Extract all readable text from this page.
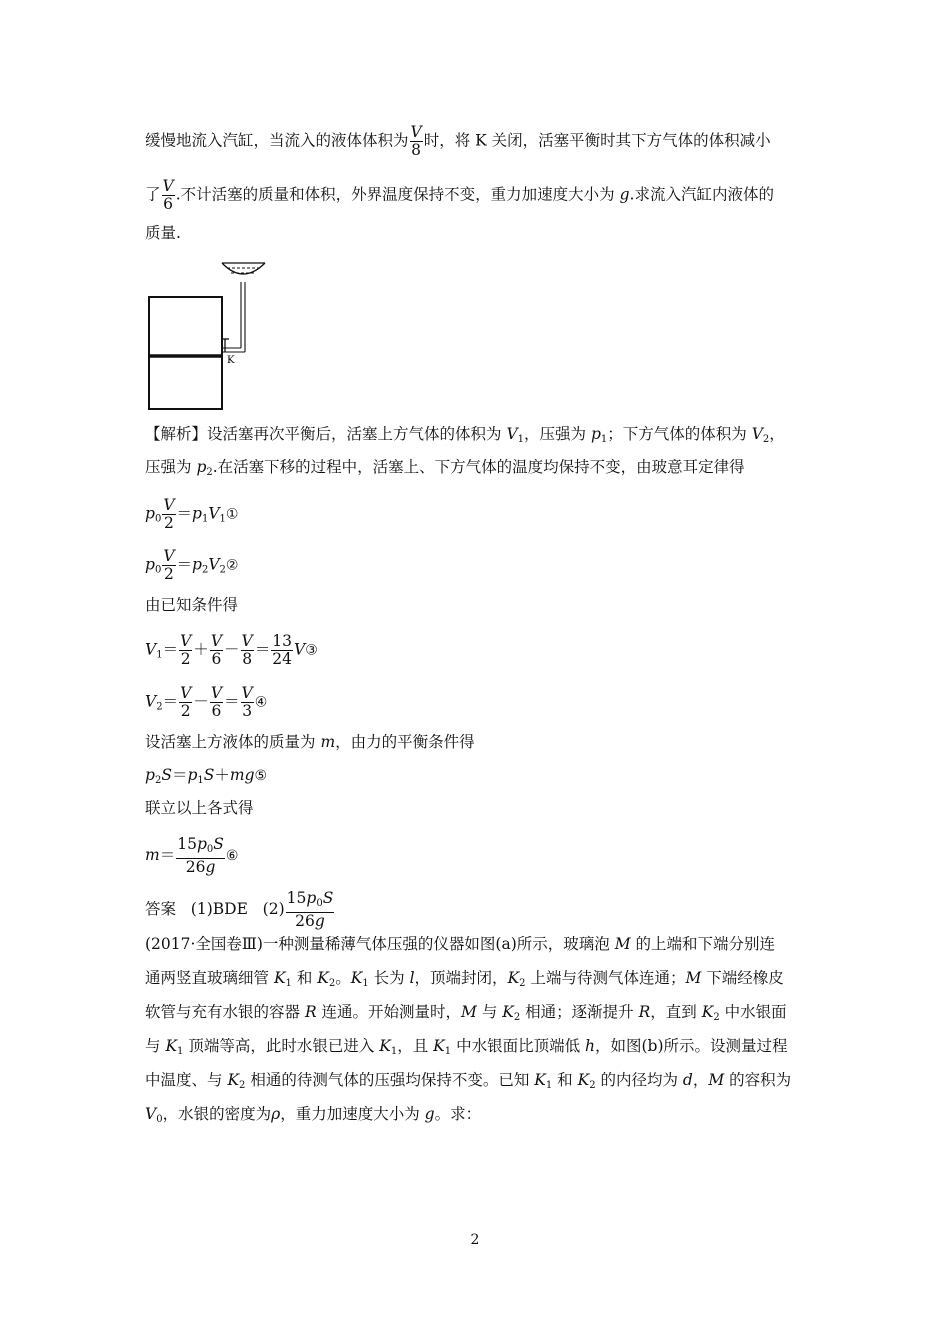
缓慢地流入汽缸，当流入的液体体积为 $\frac{V}{8}$ 时，将 K 关闭，活塞平衡时其下方气体的体积减小
了 $\frac{V}{6}$ .不计活塞的质量和体积，外界温度保持不变，重力加速度大小为 g.求流入汽缸内液体的
质量.
K
【解析】设活塞再次平衡后，活塞上方气体的体积为 $V_1$，压强为 $p_1$；下方气体的体积为 $V_2$，
压强为 $p_2$.在活塞下移的过程中，活塞上、下方气体的温度均保持不变，由玻意耳定律得
$p_0 \frac{V}{2}$ $=p_1V_1①$
$p_0 \frac{V}{2}$ $=p_2V_2②$
由已知条件得
$V_1= \frac{V}{2} + \frac{V}{6} - \frac{V}{8} = \frac{13}{24}$ V③
$V_2= \frac{V}{2} - \frac{V}{6} = \frac{V}{3}$ ④
设活塞上方液体的质量为 m，由力的平衡条件得
$p_2S=p_1S+mg⑤$
联立以上各式得
$m= \frac{15p_0S}{26g}$ ⑥
答案 (1)BDE $(2) \frac{15p_0S}{26g}$
(2017·全国卷Ⅲ)一种测量稀薄气体压强的仪器如图(a)所示，玻璃泡 M 的上端和下端分别连
通两竖直玻璃细管 $K_1$ 和 $K_2$。$K_1$ 长为 l，顶端封闭，$K_2$ 上端与待测气体连通；M 下端经橡皮
软管与充有水银的容器 R 连通。开始测量时，M 与 $K_2$ 相通；逐渐提升 R，直到 $K_2$ 中水银面
与 $K_1$ 顶端等高，此时水银已进入 $K_1$，且 $K_1$ 中水银面比顶端低 h，如图(b)所示。设测量过程
中温度、与 $K_2$ 相通的待测气体的压强均保持不变。已知 $K_1$ 和 $K_2$ 的内径均为 d，M 的容积为
$V_0$，水银的密度为ρ，重力加速度大小为 g。求：
2
